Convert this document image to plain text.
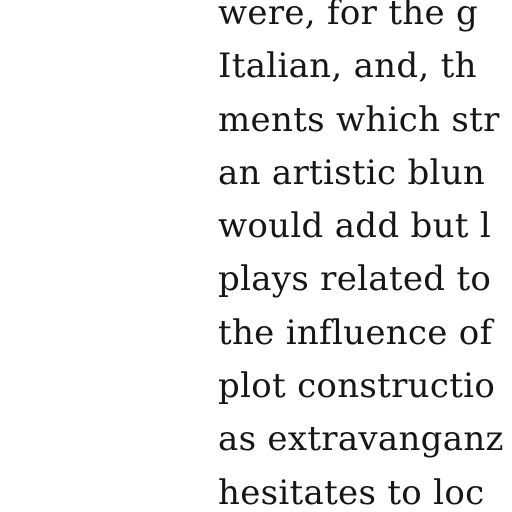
were, for the g
Italian, and, th
ments which str
an artistic blun
would add but l
plays related to
the influence of
plot constructio
as extravanganz
hesitates to loc
